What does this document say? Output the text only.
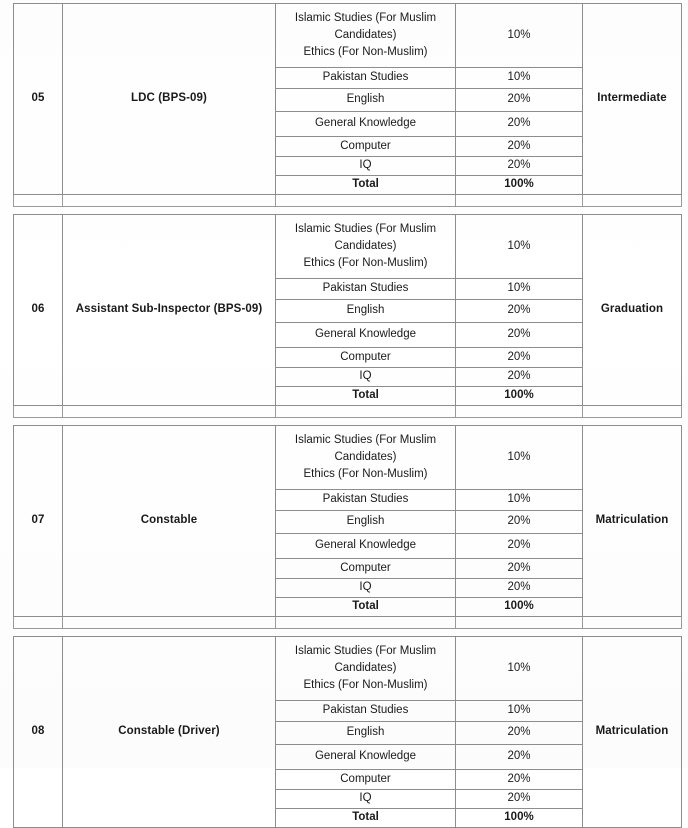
05	LDC (BPS-09)	Islamic Studies (For Muslim
Candidates)
Ethics (For Non-Muslim)	10%	Intermediate
		Pakistan Studies	10%	
		English	20%	
		General Knowledge	20%	
		Computer	20%	
		IQ	20%	
		Total	100%	

06	Assistant Sub-Inspector (BPS-09)	Islamic Studies (For Muslim
Candidates)
Ethics (For Non-Muslim)	10%	Graduation
		Pakistan Studies	10%	
		English	20%	
		General Knowledge	20%	
		Computer	20%	
		IQ	20%	
		Total	100%	

07	Constable	Islamic Studies (For Muslim
Candidates)
Ethics (For Non-Muslim)	10%	Matriculation
		Pakistan Studies	10%	
		English	20%	
		General Knowledge	20%	
		Computer	20%	
		IQ	20%	
		Total	100%	

08	Constable (Driver)	Islamic Studies (For Muslim
Candidates)
Ethics (For Non-Muslim)	10%	Matriculation
		Pakistan Studies	10%	
		English	20%	
		General Knowledge	20%	
		Computer	20%	
		IQ	20%	
		Total	100%	
